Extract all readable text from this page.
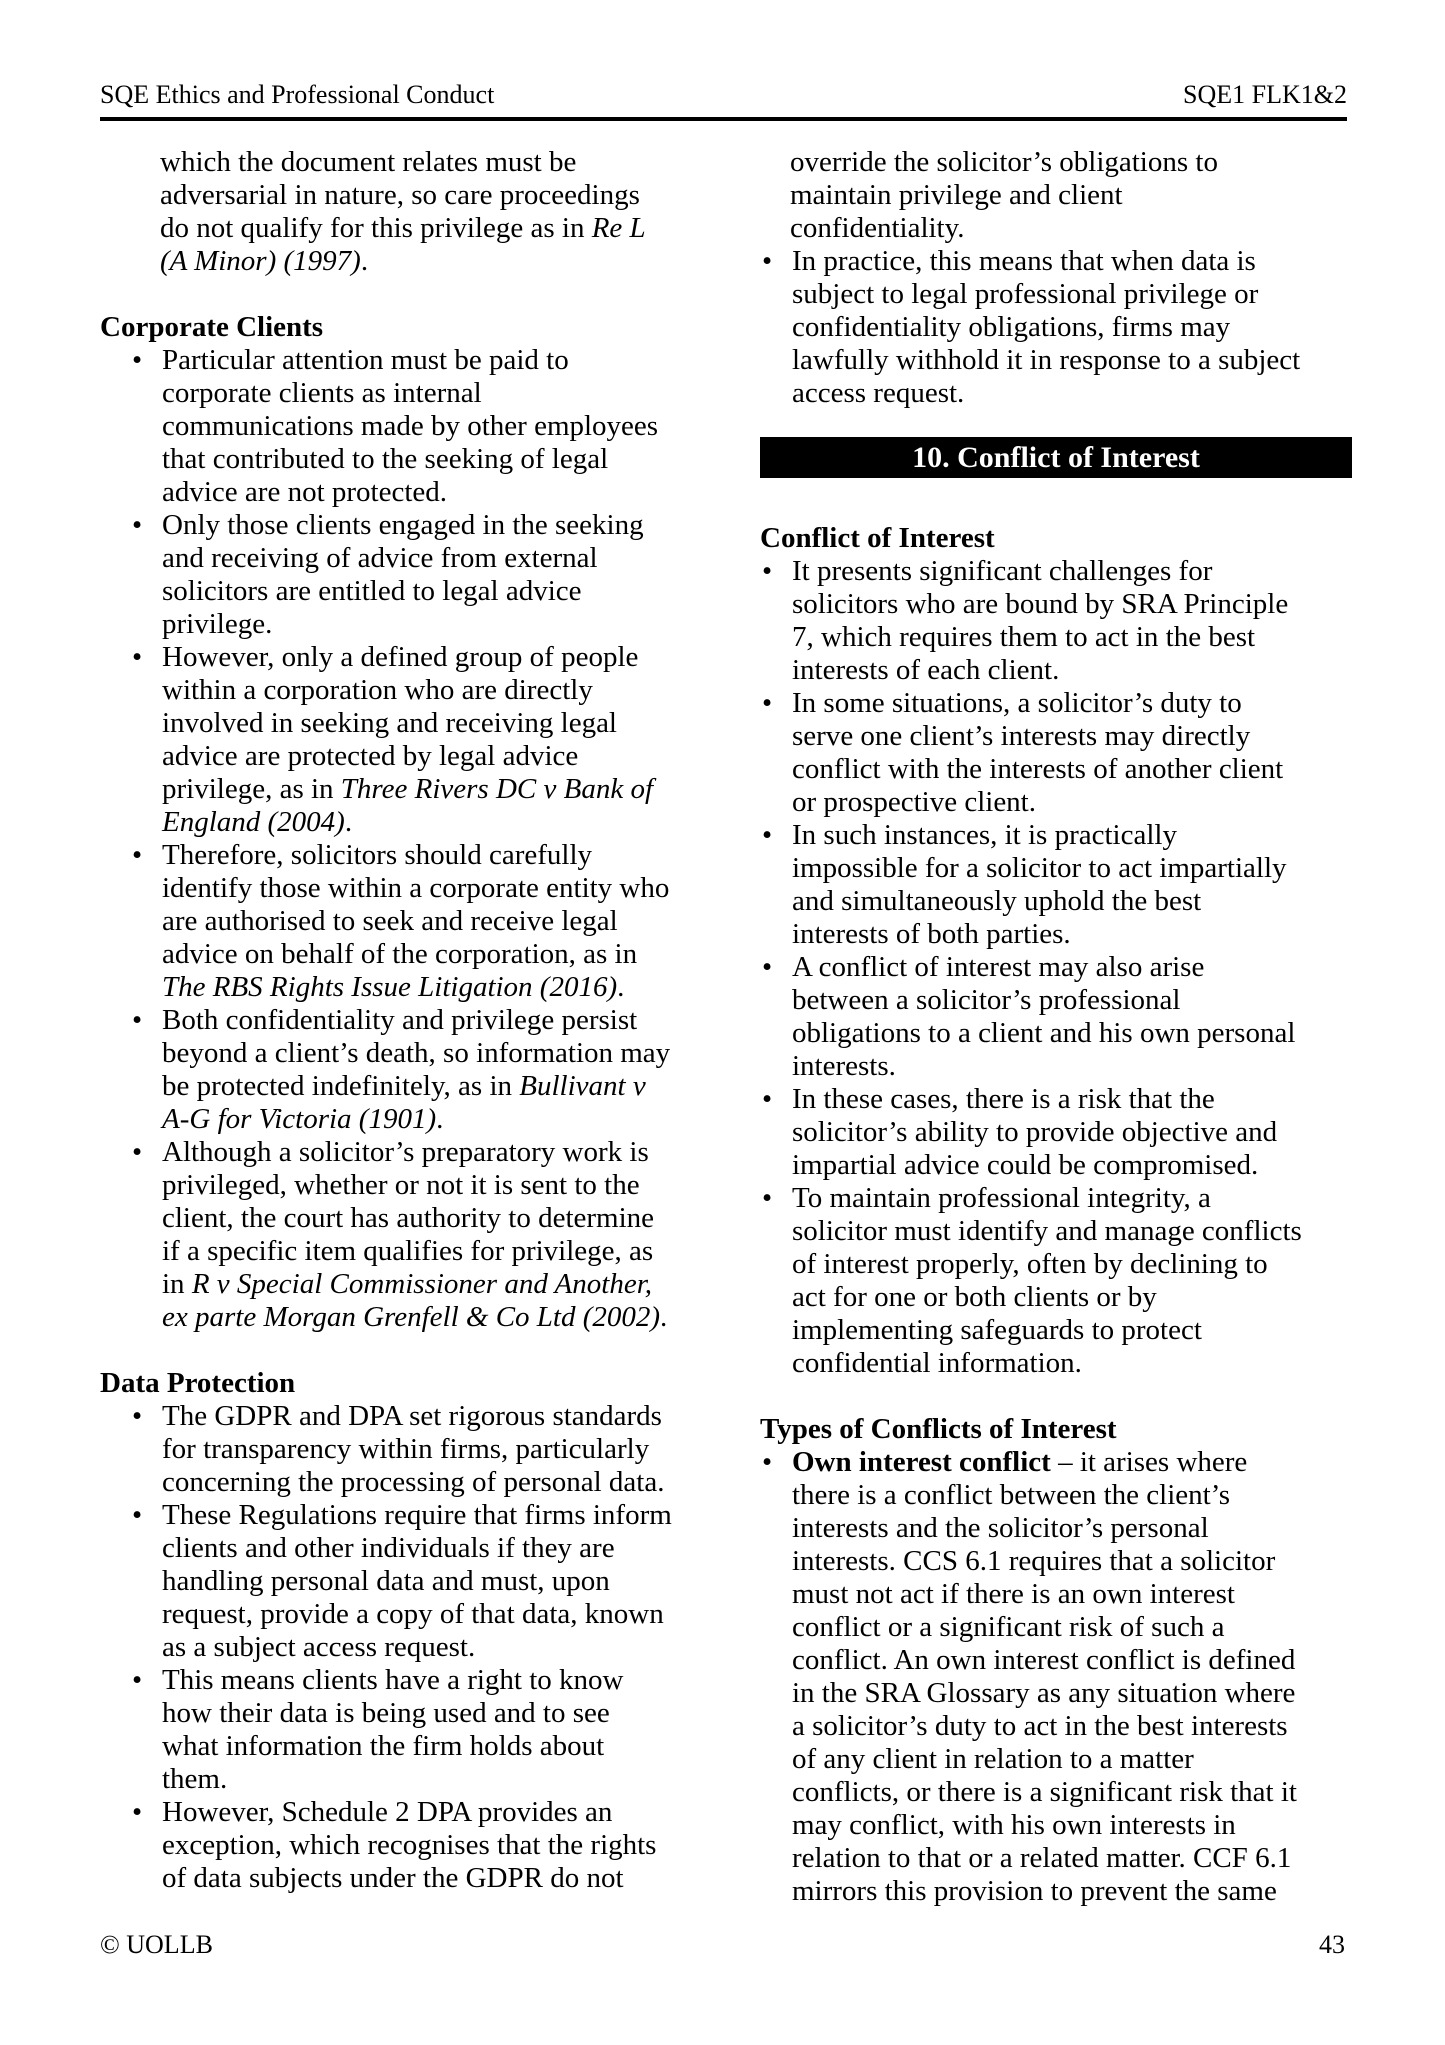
SQE Ethics and Professional Conduct	SQE1 FLK1&2
which the document relates must be
adversarial in nature, so care proceedings
do not qualify for this privilege as in Re L
(A Minor) (1997).
Corporate Clients
• Particular attention must be paid to
corporate clients as internal
communications made by other employees
that contributed to the seeking of legal
advice are not protected.
• Only those clients engaged in the seeking
and receiving of advice from external
solicitors are entitled to legal advice
privilege.
• However, only a defined group of people
within a corporation who are directly
involved in seeking and receiving legal
advice are protected by legal advice
privilege, as in Three Rivers DC v Bank of
England (2004).
• Therefore, solicitors should carefully
identify those within a corporate entity who
are authorised to seek and receive legal
advice on behalf of the corporation, as in
The RBS Rights Issue Litigation (2016).
• Both confidentiality and privilege persist
beyond a client’s death, so information may
be protected indefinitely, as in Bullivant v
A-G for Victoria (1901).
• Although a solicitor’s preparatory work is
privileged, whether or not it is sent to the
client, the court has authority to determine
if a specific item qualifies for privilege, as
in R v Special Commissioner and Another,
ex parte Morgan Grenfell & Co Ltd (2002).
Data Protection
• The GDPR and DPA set rigorous standards
for transparency within firms, particularly
concerning the processing of personal data.
• These Regulations require that firms inform
clients and other individuals if they are
handling personal data and must, upon
request, provide a copy of that data, known
as a subject access request.
• This means clients have a right to know
how their data is being used and to see
what information the firm holds about
them.
• However, Schedule 2 DPA provides an
exception, which recognises that the rights
of data subjects under the GDPR do not
override the solicitor’s obligations to
maintain privilege and client
confidentiality.
• In practice, this means that when data is
subject to legal professional privilege or
confidentiality obligations, firms may
lawfully withhold it in response to a subject
access request.
10. Conflict of Interest
Conflict of Interest
• It presents significant challenges for
solicitors who are bound by SRA Principle
7, which requires them to act in the best
interests of each client.
• In some situations, a solicitor’s duty to
serve one client’s interests may directly
conflict with the interests of another client
or prospective client.
• In such instances, it is practically
impossible for a solicitor to act impartially
and simultaneously uphold the best
interests of both parties.
• A conflict of interest may also arise
between a solicitor’s professional
obligations to a client and his own personal
interests.
• In these cases, there is a risk that the
solicitor’s ability to provide objective and
impartial advice could be compromised.
• To maintain professional integrity, a
solicitor must identify and manage conflicts
of interest properly, often by declining to
act for one or both clients or by
implementing safeguards to protect
confidential information.
Types of Conflicts of Interest
• Own interest conflict – it arises where
there is a conflict between the client’s
interests and the solicitor’s personal
interests. CCS 6.1 requires that a solicitor
must not act if there is an own interest
conflict or a significant risk of such a
conflict. An own interest conflict is defined
in the SRA Glossary as any situation where
a solicitor’s duty to act in the best interests
of any client in relation to a matter
conflicts, or there is a significant risk that it
may conflict, with his own interests in
relation to that or a related matter. CCF 6.1
mirrors this provision to prevent the same
© UOLLB	43
